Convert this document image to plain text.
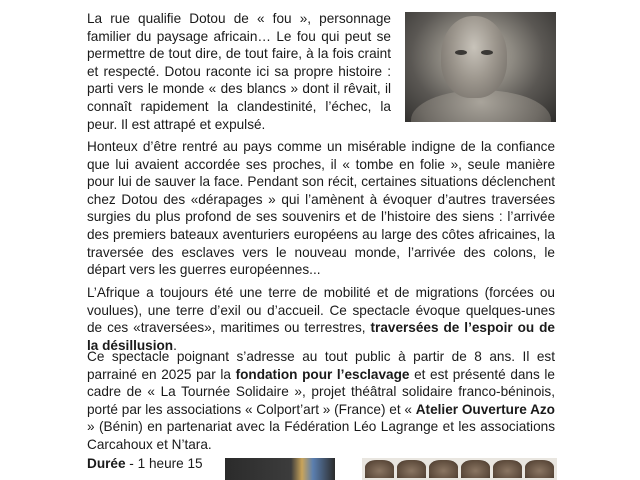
La rue qualifie Dotou de « fou », personnage familier du paysage africain… Le fou qui peut se permettre de tout dire, de tout faire, à la fois craint et respecté. Dotou raconte ici sa propre histoire : parti vers le monde « des blancs » dont il rêvait, il connaît rapidement la clandestinité, l’échec, la peur. Il est attrapé et expulsé.

Honteux d’être rentré au pays comme un misérable indigne de la confiance que lui avaient accordée ses proches, il « tombe en folie », seule manière pour lui de sauver la face. Pendant son récit, certaines situations déclenchent chez Dotou des «dérapages » qui l’amènent à évoquer d’autres traversées surgies du plus profond de ses souvenirs et de l’histoire des siens : l’arrivée des premiers bateaux aventuriers européens au large des côtes africaines, la traversée des esclaves vers le nouveau monde, l’arrivée des colons, le départ vers les guerres européennes...

L’Afrique a toujours été une terre de mobilité et de migrations (forcées ou voulues), une terre d’exil ou d’accueil. Ce spectacle évoque quelques-unes de ces «traversées», maritimes ou terrestres, traversées de l’espoir ou de la désillusion.

Ce spectacle poignant s’adresse au tout public à partir de 8 ans. Il est parrainé en 2025 par la fondation pour l’esclavage et est présenté dans le cadre de « La Tournée Solidaire », projet théâtral solidaire franco-béninois, porté par les associations « Colport’art » (France) et « Atelier Ouverture Azo » (Bénin) en partenariat avec la Fédération Léo Lagrange et les associations Carcahoux et N’tara.

Durée - 1 heure 15
